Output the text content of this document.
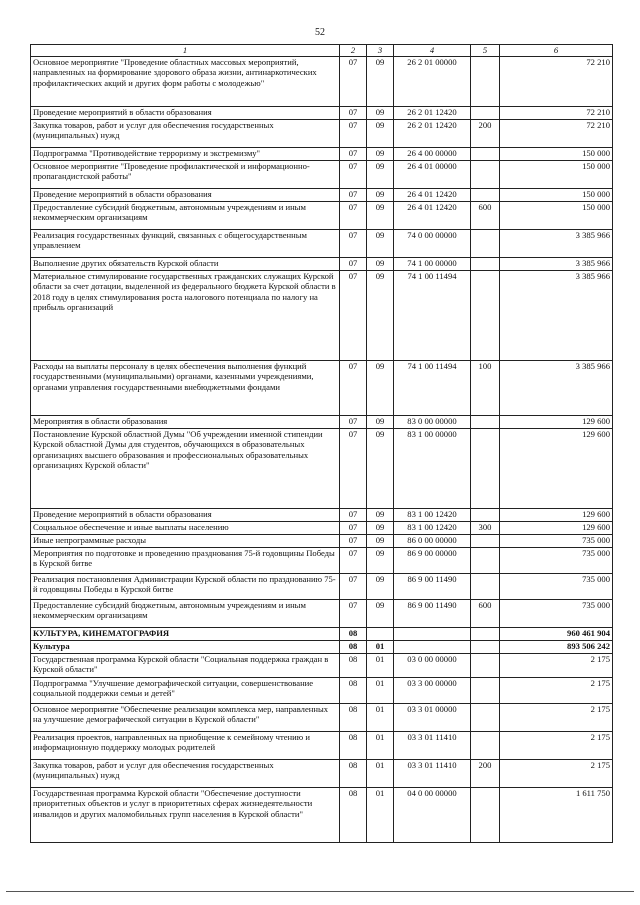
52
1	2	3	4	5	6
Основное мероприятие "Проведение областных массовых мероприятий, направленных на формирование здорового образа жизни, антинаркотических профилактических акций и других форм работы с молодежью"	07	09	26 2 01 00000		72 210
Проведение мероприятий в области образования	07	09	26 2 01 12420		72 210
Закупка товаров, работ и услуг для обеспечения государственных (муниципальных) нужд	07	09	26 2 01 12420	200	72 210
Подпрограмма "Противодействие терроризму и экстремизму"	07	09	26 4 00 00000		150 000
Основное мероприятие "Проведение профилактической и информационно-пропагандистской работы"	07	09	26 4 01 00000		150 000
Проведение мероприятий в области образования	07	09	26 4 01 12420		150 000
Предоставление субсидий бюджетным, автономным учреждениям и иным некоммерческим организациям	07	09	26 4 01 12420	600	150 000
Реализация государственных функций, связанных с общегосударственным управлением	07	09	74 0 00 00000		3 385 966
Выполнение других обязательств Курской области	07	09	74 1 00 00000		3 385 966
Материальное стимулирование государственных гражданских служащих Курской области за счет дотации, выделенной из федерального бюджета Курской области в 2018 году в целях стимулирования роста налогового потенциала по налогу на прибыль организаций	07	09	74 1 00 11494		3 385 966
Расходы на выплаты персоналу в целях обеспечения выполнения функций государственными (муниципальными) органами, казенными учреждениями, органами управления государственными внебюджетными фондами	07	09	74 1 00 11494	100	3 385 966
Мероприятия в области образования	07	09	83 0 00 00000		129 600
Постановление Курской областной Думы "Об учреждении именной стипендии Курской областной Думы для студентов, обучающихся в образовательных организациях высшего образования и профессиональных образовательных организациях Курской области"	07	09	83 1 00 00000		129 600
Проведение мероприятий в области образования	07	09	83 1 00 12420		129 600
Социальное обеспечение и иные выплаты населению	07	09	83 1 00 12420	300	129 600
Иные непрограммные расходы	07	09	86 0 00 00000		735 000
Мероприятия по подготовке и проведению празднования 75-й годовщины Победы в Курской битве	07	09	86 9 00 00000		735 000
Реализация постановления Администрации Курской области по празднованию 75-й годовщины Победы в Курской битве	07	09	86 9 00 11490		735 000
Предоставление субсидий бюджетным, автономным учреждениям и иным некоммерческим организациям	07	09	86 9 00 11490	600	735 000
КУЛЬТУРА, КИНЕМАТОГРАФИЯ	08				960 461 904
Культура	08	01			893 506 242
Государственная программа Курской области "Социальная поддержка граждан в Курской области"	08	01	03 0 00 00000		2 175
Подпрограмма "Улучшение демографической ситуации, совершенствование социальной поддержки семьи и детей"	08	01	03 3 00 00000		2 175
Основное мероприятие "Обеспечение реализации комплекса мер, направленных на улучшение демографической ситуации в Курской области"	08	01	03 3 01 00000		2 175
Реализация проектов, направленных на приобщение к семейному чтению и информационную поддержку молодых родителей	08	01	03 3 01 11410		2 175
Закупка товаров, работ и услуг для обеспечения государственных (муниципальных) нужд	08	01	03 3 01 11410	200	2 175
Государственная программа Курской области "Обеспечение доступности приоритетных объектов и услуг в приоритетных сферах жизнедеятельности инвалидов и других маломобильных групп населения в Курской области"	08	01	04 0 00 00000		1 611 750
